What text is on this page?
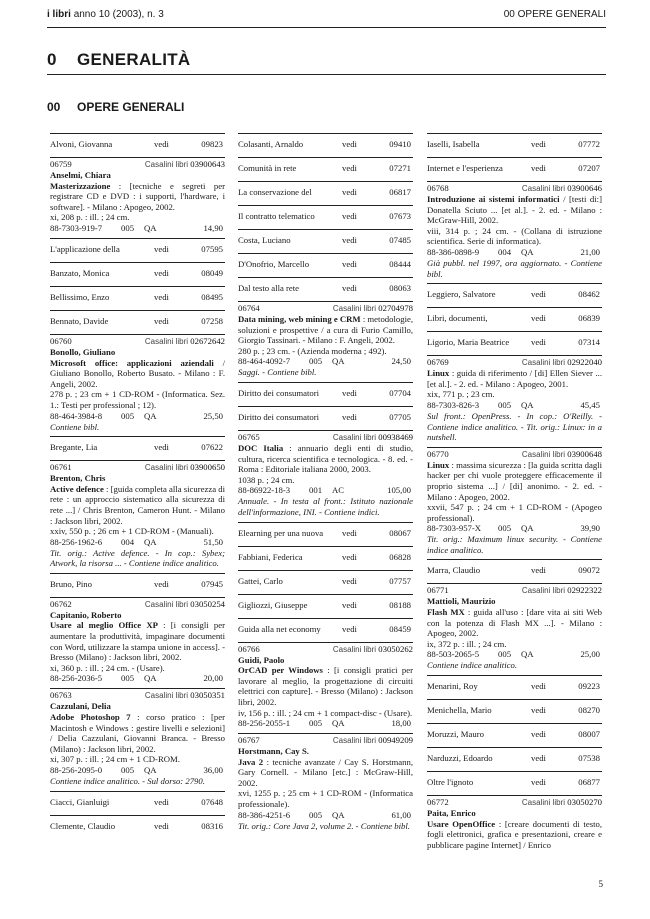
i libri anno 10 (2003), n. 3	00 OPERE GENERALI
0 GENERALITÀ
00 OPERE GENERALI
Alvoni, Giovanna	vedi	09823
06759	Casalini libri 03900643
Anselmi, Chiara

Masterizzazione : [tecniche e segreti per registrare CD e DVD : i supporti, l'hardware, i software]. - Milano : Apogeo, 2002.

xi, 208 p. : ill. ; 24 cm.

88-7303-919-7 005 QA	14,90
L'applicazione della	vedi	07595
Banzato, Monica	vedi	08049
Bellissimo, Enzo	vedi	08495
Bennato, Davide	vedi	07258
06760	Casalini libri 02672642
Bonollo, Giuliano

Microsoft office: applicazioni aziendali / Giuliano Bonollo, Roberto Busato. - Milano : F. Angeli, 2002.

278 p. ; 23 cm + 1 CD-ROM - (Informatica. Sez. 1.: Testi per professional ; 12).

88-464-3984-8 005 QA	25,50

Contiene bibl.

Bregante, Lia	vedi	07622
06761	Casalini libri 03900650
Brenton, Chris

Active defence : [guida completa alla sicurezza di rete : un approccio sistematico alla sicurezza di rete ...] / Chris Brenton, Cameron Hunt. - Milano : Jackson libri, 2002.

xxiv, 550 p. ; 26 cm + 1 CD-ROM - (Manuali).

88-256-1962-6 004 QA	51,50

Tit. orig.: Active defence. - In cop.: Sybex; Atwork, la risorsa ... - Contiene indice analitico.

Bruno, Pino	vedi	07945
06762	Casalini libri 03050254
Capitanio, Roberto

Usare al meglio Office XP : [i consigli per aumentare la produttività, impaginare documenti con Word, utilizzare la stampa unione in access]. - Bresso (Milano) : Jackson libri, 2002.

xi, 360 p. : ill. ; 24 cm. - (Usare).

88-256-2036-5 005 QA	20,00
06763	Casalini libri 03050351
Cazzulani, Delia

Adobe Photoshop 7 : corso pratico : [per Macintosh e Windows : gestire livelli e selezioni] / Delia Cazzulani, Giovanni Branca. - Bresso (Milano) : Jackson libri, 2002.

xi, 307 p. : ill. ; 24 cm + 1 CD-ROM.

88-256-2095-0 005 QA	36,00

Contiene indice analitico. - Sul dorso: 2790.

Ciacci, Gianluigi	vedi	07648
Clemente, Claudio	vedi	08316
Colasanti, Arnaldo	vedi	09410
Comunità in rete	vedi	07271
La conservazione del	vedi	06817
Il contratto telematico	vedi	07673
Costa, Luciano	vedi	07485
D'Onofrio, Marcello	vedi	08444
Dal testo alla rete	vedi	08063
06764	Casalini libri 02704978

Data mining, web mining e CRM : metodologie, soluzioni e prospettive / a cura di Furio Camillo, Giorgio Tassinari. - Milano : F. Angeli, 2002.

280 p. ; 23 cm. - (Azienda moderna ; 492).

88-464-4092-7 005 QA	24,50

Saggi. - Contiene bibl.

Diritto dei consumatori	vedi	07704
Diritto dei consumatori	vedi	07705
06765	Casalini libri 00938469

DOC Italia : annuario degli enti di studio, cultura, ricerca scientifica e tecnologica. - 8. ed. - Roma : Editoriale italiana 2000, 2003.

1038 p. ; 24 cm.

88-86922-18-3 001 AC	105,00

Annuale. - In testa al front.: Istituto nazionale dell'informazione, INI. - Contiene indici.

Elearning per una nuova vedi	08067
Fabbiani, Federica	vedi	06828
Gattei, Carlo	vedi	07757
Gigliozzi, Giuseppe	vedi	08188
Guida alla net economy vedi	08459
06766	Casalini libri 03050262
Guidi, Paolo

OrCAD per Windows : [i consigli pratici per lavorare al meglio, la progettazione di circuiti elettrici con capture]. - Bresso (Milano) : Jackson libri, 2002.

iv, 156 p. : ill. ; 24 cm + 1 compact-disc - (Usare).

88-256-2055-1 005 QA	18,00
06767	Casalini libri 00949209
Horstmann, Cay S.

Java 2 : tecniche avanzate / Cay S. Horstmann, Gary Cornell. - Milano [etc.] : McGraw-Hill, 2002.

xvi, 1255 p. ; 25 cm + 1 CD-ROM - (Informatica professionale).

88-386-4251-6 005 QA	61,00

Tit. orig.: Core Java 2, volume 2. - Contiene bibl.

Iaselli, Isabella	vedi	07772
Internet e l'esperienza	vedi	07207
06768	Casalini libri 03900646

Introduzione ai sistemi informatici / [testi di:] Donatella Sciuto ... [et al.]. - 2. ed. - Milano : McGraw-Hill, 2002.

viii, 314 p. ; 24 cm. - (Collana di istruzione scientifica. Serie di informatica).

88-386-0898-9 004 QA	21,00

Già pubbl. nel 1997, ora aggiornato. - Contiene bibl.

Leggiero, Salvatore	vedi	08462
Libri, documenti,	vedi	06839
Ligorio, Maria Beatrice vedi	07314
06769	Casalini libri 02922040

Linux : guida di riferimento / [di] Ellen Siever ... [et al.]. - 2. ed. - Milano : Apogeo, 2001.

xix, 771 p. ; 23 cm.

88-7303-826-3 005 QA	45,45

Sul front.: OpenPress. - In cop.: O'Reilly. - Contiene indice analitico. - Tit. orig.: Linux: in a nutshell.

06770	Casalini libri 03900648

Linux : massima sicurezza : [la guida scritta dagli hacker per chi vuole proteggere efficacemente il proprio sistema ...] / [di] anonimo. - 2. ed. - Milano : Apogeo, 2002.

xxvii, 547 p. ; 24 cm + 1 CD-ROM - (Apogeo professional).

88-7303-957-X 005 QA	39,90

Tit. orig.: Maximum linux security. - Contiene indice analitico.

Marra, Claudio	vedi	09072
06771	Casalini libri 02922322
Mattioli, Maurizio

Flash MX : guida all'uso : [dare vita ai siti Web con la potenza di Flash MX ...]. - Milano : Apogeo, 2002.

ix, 372 p. : ill. ; 24 cm.

88-503-2065-5 005 QA	25,00

Contiene indice analitico.

Menarini, Roy	vedi	09223
Menichella, Mario	vedi	08270
Moruzzi, Mauro	vedi	08007
Narduzzi, Edoardo	vedi	07538
Oltre l'ignoto	vedi	06877
06772	Casalini libri 03050270
Paita, Enrico

Usare OpenOffice : [creare documenti di testo, fogli elettronici, grafica e presentazioni, creare e pubblicare pagine Internet] / Enrico

5
